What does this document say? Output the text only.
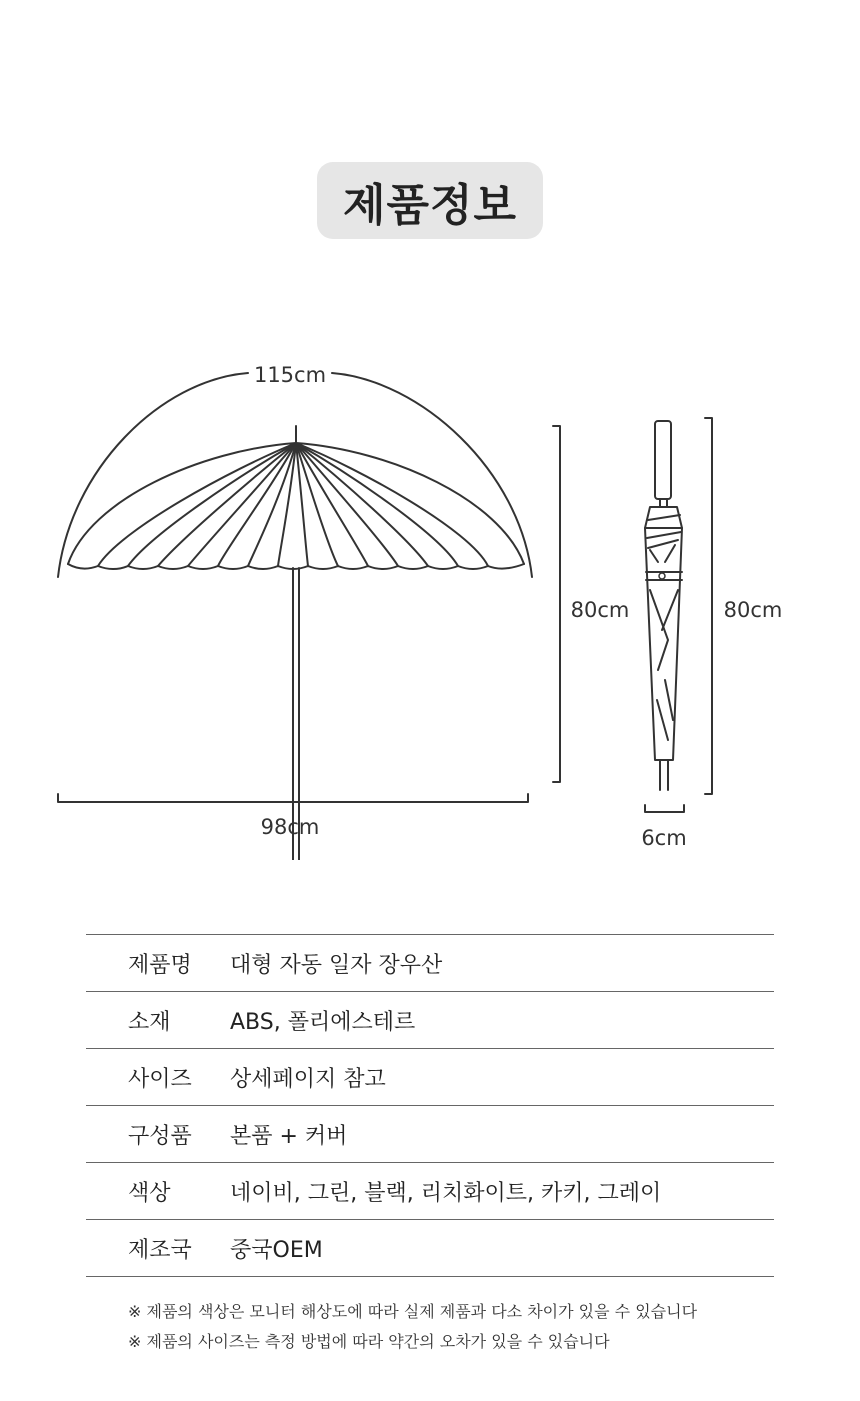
제품정보
115cm
98cm
80cm	80cm
6cm
제품명	대형 자동 일자 장우산
소재	ABS, 폴리에스테르
사이즈	상세페이지 참고
구성품	본품 + 커버
색상	네이비, 그린, 블랙, 리치화이트, 카키, 그레이
제조국	중국OEM
※ 제품의 색상은 모니터 해상도에 따라 실제 제품과 다소 차이가 있을 수 있습니다
※ 제품의 사이즈는 측정 방법에 따라 약간의 오차가 있을 수 있습니다
